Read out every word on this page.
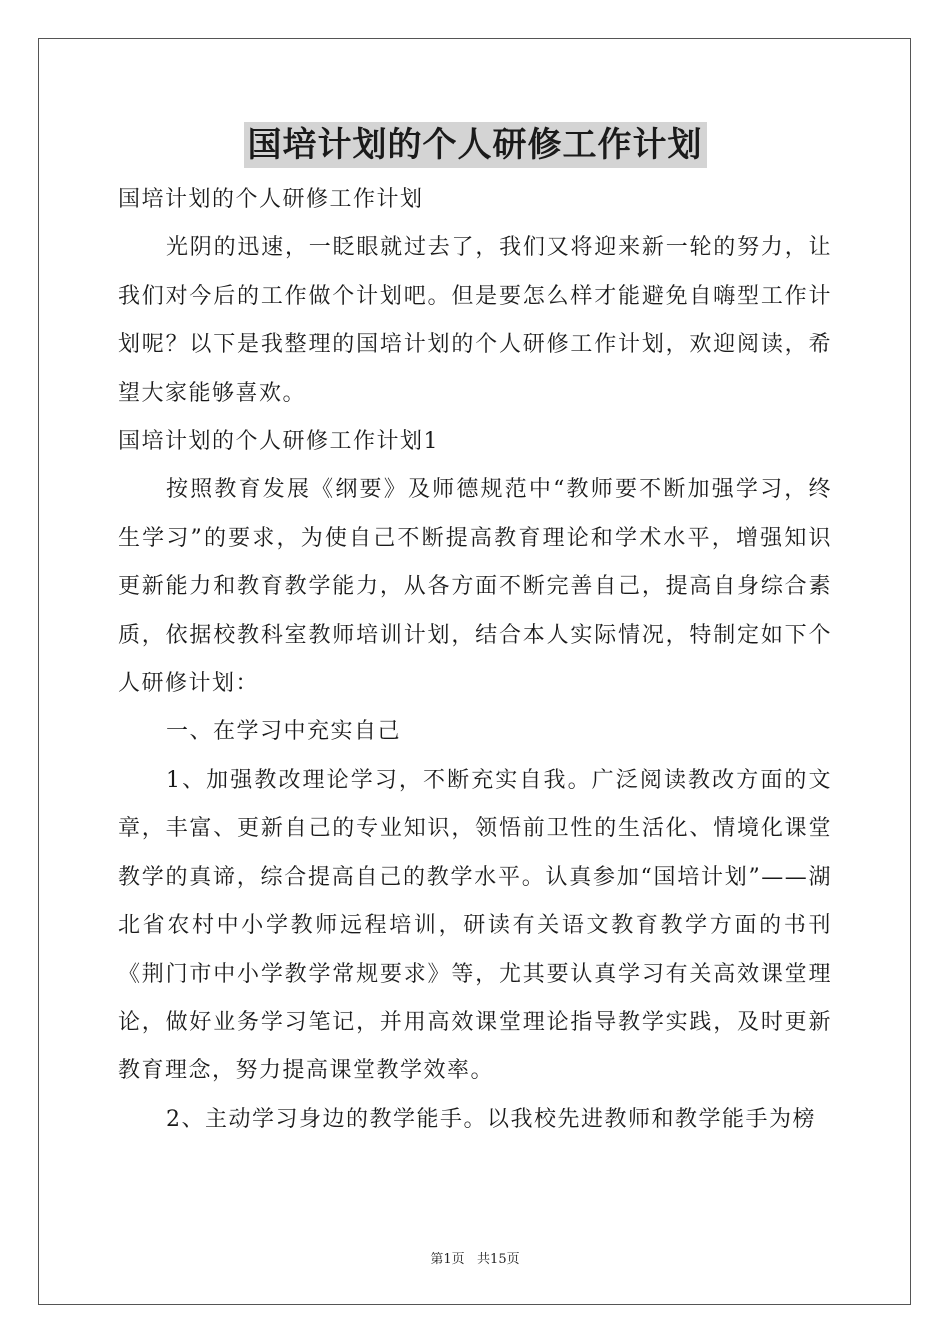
国培计划的个人研修工作计划

国培计划的个人研修工作计划

光阴的迅速，一眨眼就过去了，我们又将迎来新一轮的努力，让我们对今后的工作做个计划吧。但是要怎么样才能避免自嗨型工作计划呢？以下是我整理的国培计划的个人研修工作计划，欢迎阅读，希望大家能够喜欢。

国培计划的个人研修工作计划1

按照教育发展《纲要》及师德规范中“教师要不断加强学习，终生学习”的要求，为使自己不断提高教育理论和学术水平，增强知识更新能力和教育教学能力，从各方面不断完善自己，提高自身综合素质，依据校教科室教师培训计划，结合本人实际情况，特制定如下个人研修计划：

一、在学习中充实自己

1、加强教改理论学习，不断充实自我。广泛阅读教改方面的文章，丰富、更新自己的专业知识，领悟前卫性的生活化、情境化课堂教学的真谛，综合提高自己的教学水平。认真参加“国培计划”——湖北省农村中小学教师远程培训，研读有关语文教育教学方面的书刊《荆门市中小学教学常规要求》等，尤其要认真学习有关高效课堂理论，做好业务学习笔记，并用高效课堂理论指导教学实践，及时更新教育理念，努力提高课堂教学效率。

2、主动学习身边的教学能手。以我校先进教师和教学能手为榜

第1页   共15页
